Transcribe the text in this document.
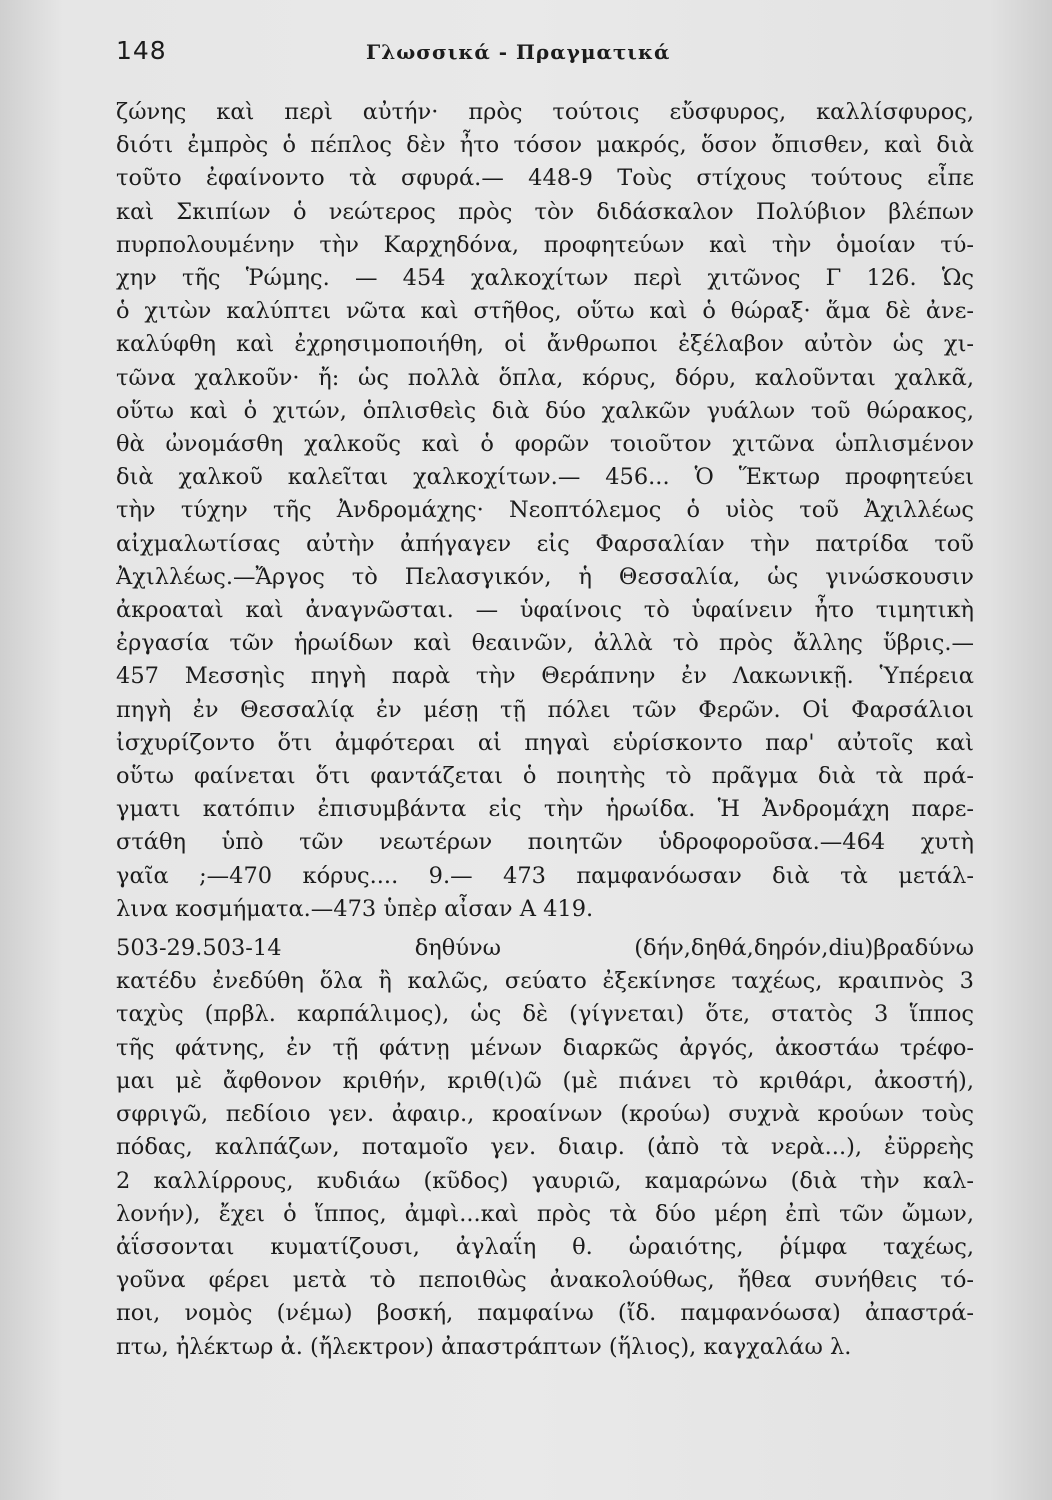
148	Γλωσσικά - Πραγματικά

ζώνης καὶ περὶ αὐτήν· πρὸς τούτοις εὔσφυρος, καλλίσφυρος,
διότι ἐμπρὸς ὁ πέπλος δὲν ἦτο τόσον μακρός, ὅσον ὄπισθεν, καὶ διὰ
τοῦτο ἐφαίνοντο τὰ σφυρά.— 448-9 Τοὺς στίχους τούτους εἶπε
καὶ Σκιπίων ὁ νεώτερος πρὸς τὸν διδάσκαλον Πολύβιον βλέπων
πυρπολουμένην τὴν Καρχηδόνα, προφητεύων καὶ τὴν ὁμοίαν τύ-
χην τῆς Ῥώμης. — 454 χαλκοχίτων περὶ χιτῶνος Γ 126. Ὡς
ὁ χιτὼν καλύπτει νῶτα καὶ στῆθος, οὕτω καὶ ὁ θώραξ· ἅμα δὲ ἀνε-
καλύφθη καὶ ἐχρησιμοποιήθη, οἱ ἄνθρωποι ἐξέλαβον αὐτὸν ὡς χι-
τῶνα χαλκοῦν· ἤ: ὡς πολλὰ ὅπλα, κόρυς, δόρυ, καλοῦνται χαλκᾶ,
οὕτω καὶ ὁ χιτών, ὁπλισθεὶς διὰ δύο χαλκῶν γυάλων τοῦ θώρακος,
θὰ ὠνομάσθη χαλκοῦς καὶ ὁ φορῶν τοιοῦτον χιτῶνα ὡπλισμένον
διὰ χαλκοῦ καλεῖται χαλκοχίτων.— 456... Ὁ Ἕκτωρ προφητεύει
τὴν τύχην τῆς Ἀνδρομάχης· Νεοπτόλεμος ὁ υἱὸς τοῦ Ἀχιλλέως
αἰχμαλωτίσας αὐτὴν ἀπήγαγεν εἰς Φαρσαλίαν τὴν πατρίδα τοῦ
Ἀχιλλέως.—Ἄργος τὸ Πελασγικόν, ἡ Θεσσαλία, ὡς γινώσκουσιν
ἀκροαταὶ καὶ ἀναγνῶσται. — ὑφαίνοις τὸ ὑφαίνειν ἦτο τιμητικὴ
ἐργασία τῶν ἡρωίδων καὶ θεαινῶν, ἀλλὰ τὸ πρὸς ἄλλης ὕβρις.—
457 Μεσσηὶς πηγὴ παρὰ τὴν Θεράπνην ἐν Λακωνικῇ. Ὑπέρεια
πηγὴ ἐν Θεσσαλίᾳ ἐν μέσῃ τῇ πόλει τῶν Φερῶν. Οἱ Φαρσάλιοι
ἰσχυρίζοντο ὅτι ἀμφότεραι αἱ πηγαὶ εὑρίσκοντο παρ' αὐτοῖς καὶ
οὕτω φαίνεται ὅτι φαντάζεται ὁ ποιητὴς τὸ πρᾶγμα διὰ τὰ πρά-
γματι κατόπιν ἐπισυμβάντα εἰς τὴν ἡρωίδα. Ἡ Ἀνδρομάχη παρε-
στάθη ὑπὸ τῶν νεωτέρων ποιητῶν ὑδροφοροῦσα.—464 χυτὴ
γαῖα ;—470 κόρυς.... 9.— 473 παμφανόωσαν διὰ τὰ μετάλ-
λινα κοσμήματα.—473 ὑπὲρ αἶσαν Α 419.

503-29.503-14 δηθύνω (δήν,δηθά,δηρόν,diu)βραδύνω
κατέδυ ἐνεδύθη ὅλα ἢ καλῶς, σεύατο ἐξεκίνησε ταχέως, κραιπνὸς 3
ταχὺς (πρβλ. καρπάλιμος), ὡς δὲ (γίγνεται) ὅτε, στατὸς 3 ἵππος
τῆς φάτνης, ἐν τῇ φάτνῃ μένων διαρκῶς ἀργός, ἀκοστάω τρέφο-
μαι μὲ ἄφθονον κριθήν, κριθ(ι)ῶ (μὲ πιάνει τὸ κριθάρι, ἀκοστή),
σφριγῶ, πεδίοιο γεν. ἀφαιρ., κροαίνων (κρούω) συχνὰ κρούων τοὺς
πόδας, καλπάζων, ποταμοῖο γεν. διαιρ. (ἀπὸ τὰ νερὰ...), ἐϋρρεὴς
2 καλλίρρους, κυδιάω (κῦδος) γαυριῶ, καμαρώνω (διὰ τὴν καλ-
λονήν), ἔχει ὁ ἵππος, ἀμφὶ...καὶ πρὸς τὰ δύο μέρη ἐπὶ τῶν ὤμων,
ἀΐσσονται κυματίζουσι, ἀγλαΐη θ. ὡραιότης, ῥίμφα ταχέως,
γοῦνα φέρει μετὰ τὸ πεποιθὼς ἀνακολούθως, ἤθεα συνήθεις τό-
ποι, νομὸς (νέμω) βοσκή, παμφαίνω (ἴδ. παμφανόωσα) ἀπαστρά-
πτω, ἠλέκτωρ ἀ. (ἤλεκτρον) ἀπαστράπτων (ἥλιος), καγχαλάω λ.
